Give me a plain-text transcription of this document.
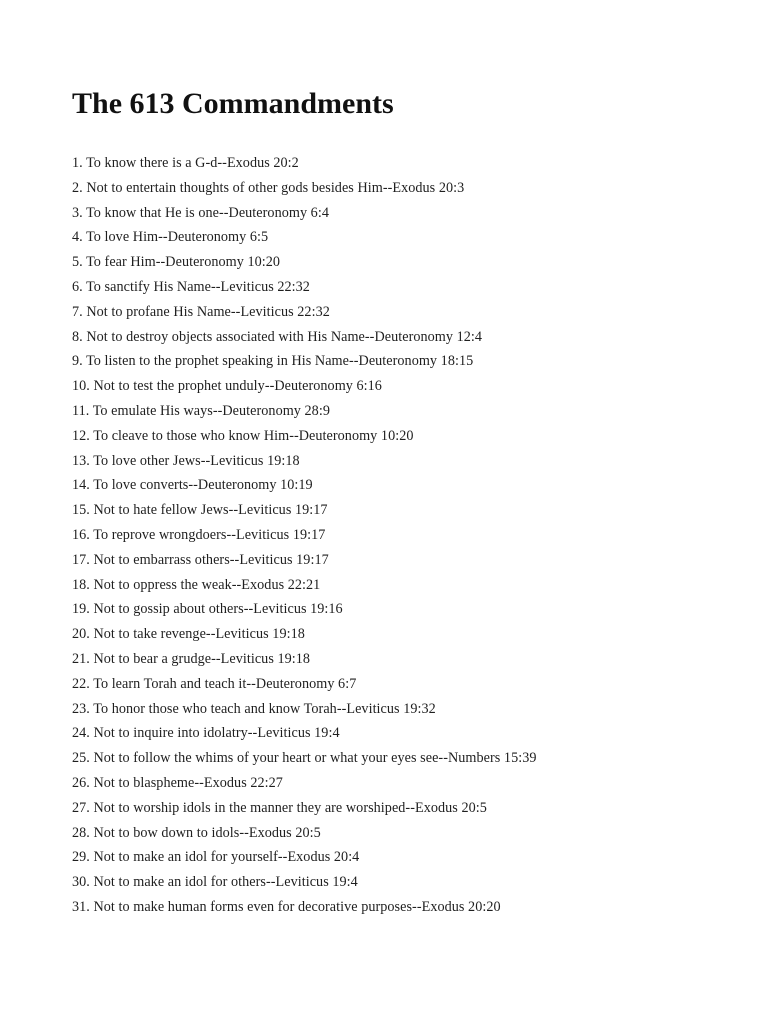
The 613 Commandments
1. To know there is a G-d--Exodus 20:2
2. Not to entertain thoughts of other gods besides Him--Exodus 20:3
3. To know that He is one--Deuteronomy 6:4
4. To love Him--Deuteronomy 6:5
5. To fear Him--Deuteronomy 10:20
6. To sanctify His Name--Leviticus 22:32
7. Not to profane His Name--Leviticus 22:32
8. Not to destroy objects associated with His Name--Deuteronomy 12:4
9. To listen to the prophet speaking in His Name--Deuteronomy 18:15
10. Not to test the prophet unduly--Deuteronomy 6:16
11. To emulate His ways--Deuteronomy 28:9
12. To cleave to those who know Him--Deuteronomy 10:20
13. To love other Jews--Leviticus 19:18
14. To love converts--Deuteronomy 10:19
15. Not to hate fellow Jews--Leviticus 19:17
16. To reprove wrongdoers--Leviticus 19:17
17. Not to embarrass others--Leviticus 19:17
18. Not to oppress the weak--Exodus 22:21
19. Not to gossip about others--Leviticus 19:16
20. Not to take revenge--Leviticus 19:18
21. Not to bear a grudge--Leviticus 19:18
22. To learn Torah and teach it--Deuteronomy 6:7
23. To honor those who teach and know Torah--Leviticus 19:32
24. Not to inquire into idolatry--Leviticus 19:4
25. Not to follow the whims of your heart or what your eyes see--Numbers 15:39
26. Not to blaspheme--Exodus 22:27
27. Not to worship idols in the manner they are worshiped--Exodus 20:5
28. Not to bow down to idols--Exodus 20:5
29. Not to make an idol for yourself--Exodus 20:4
30. Not to make an idol for others--Leviticus 19:4
31. Not to make human forms even for decorative purposes--Exodus 20:20
